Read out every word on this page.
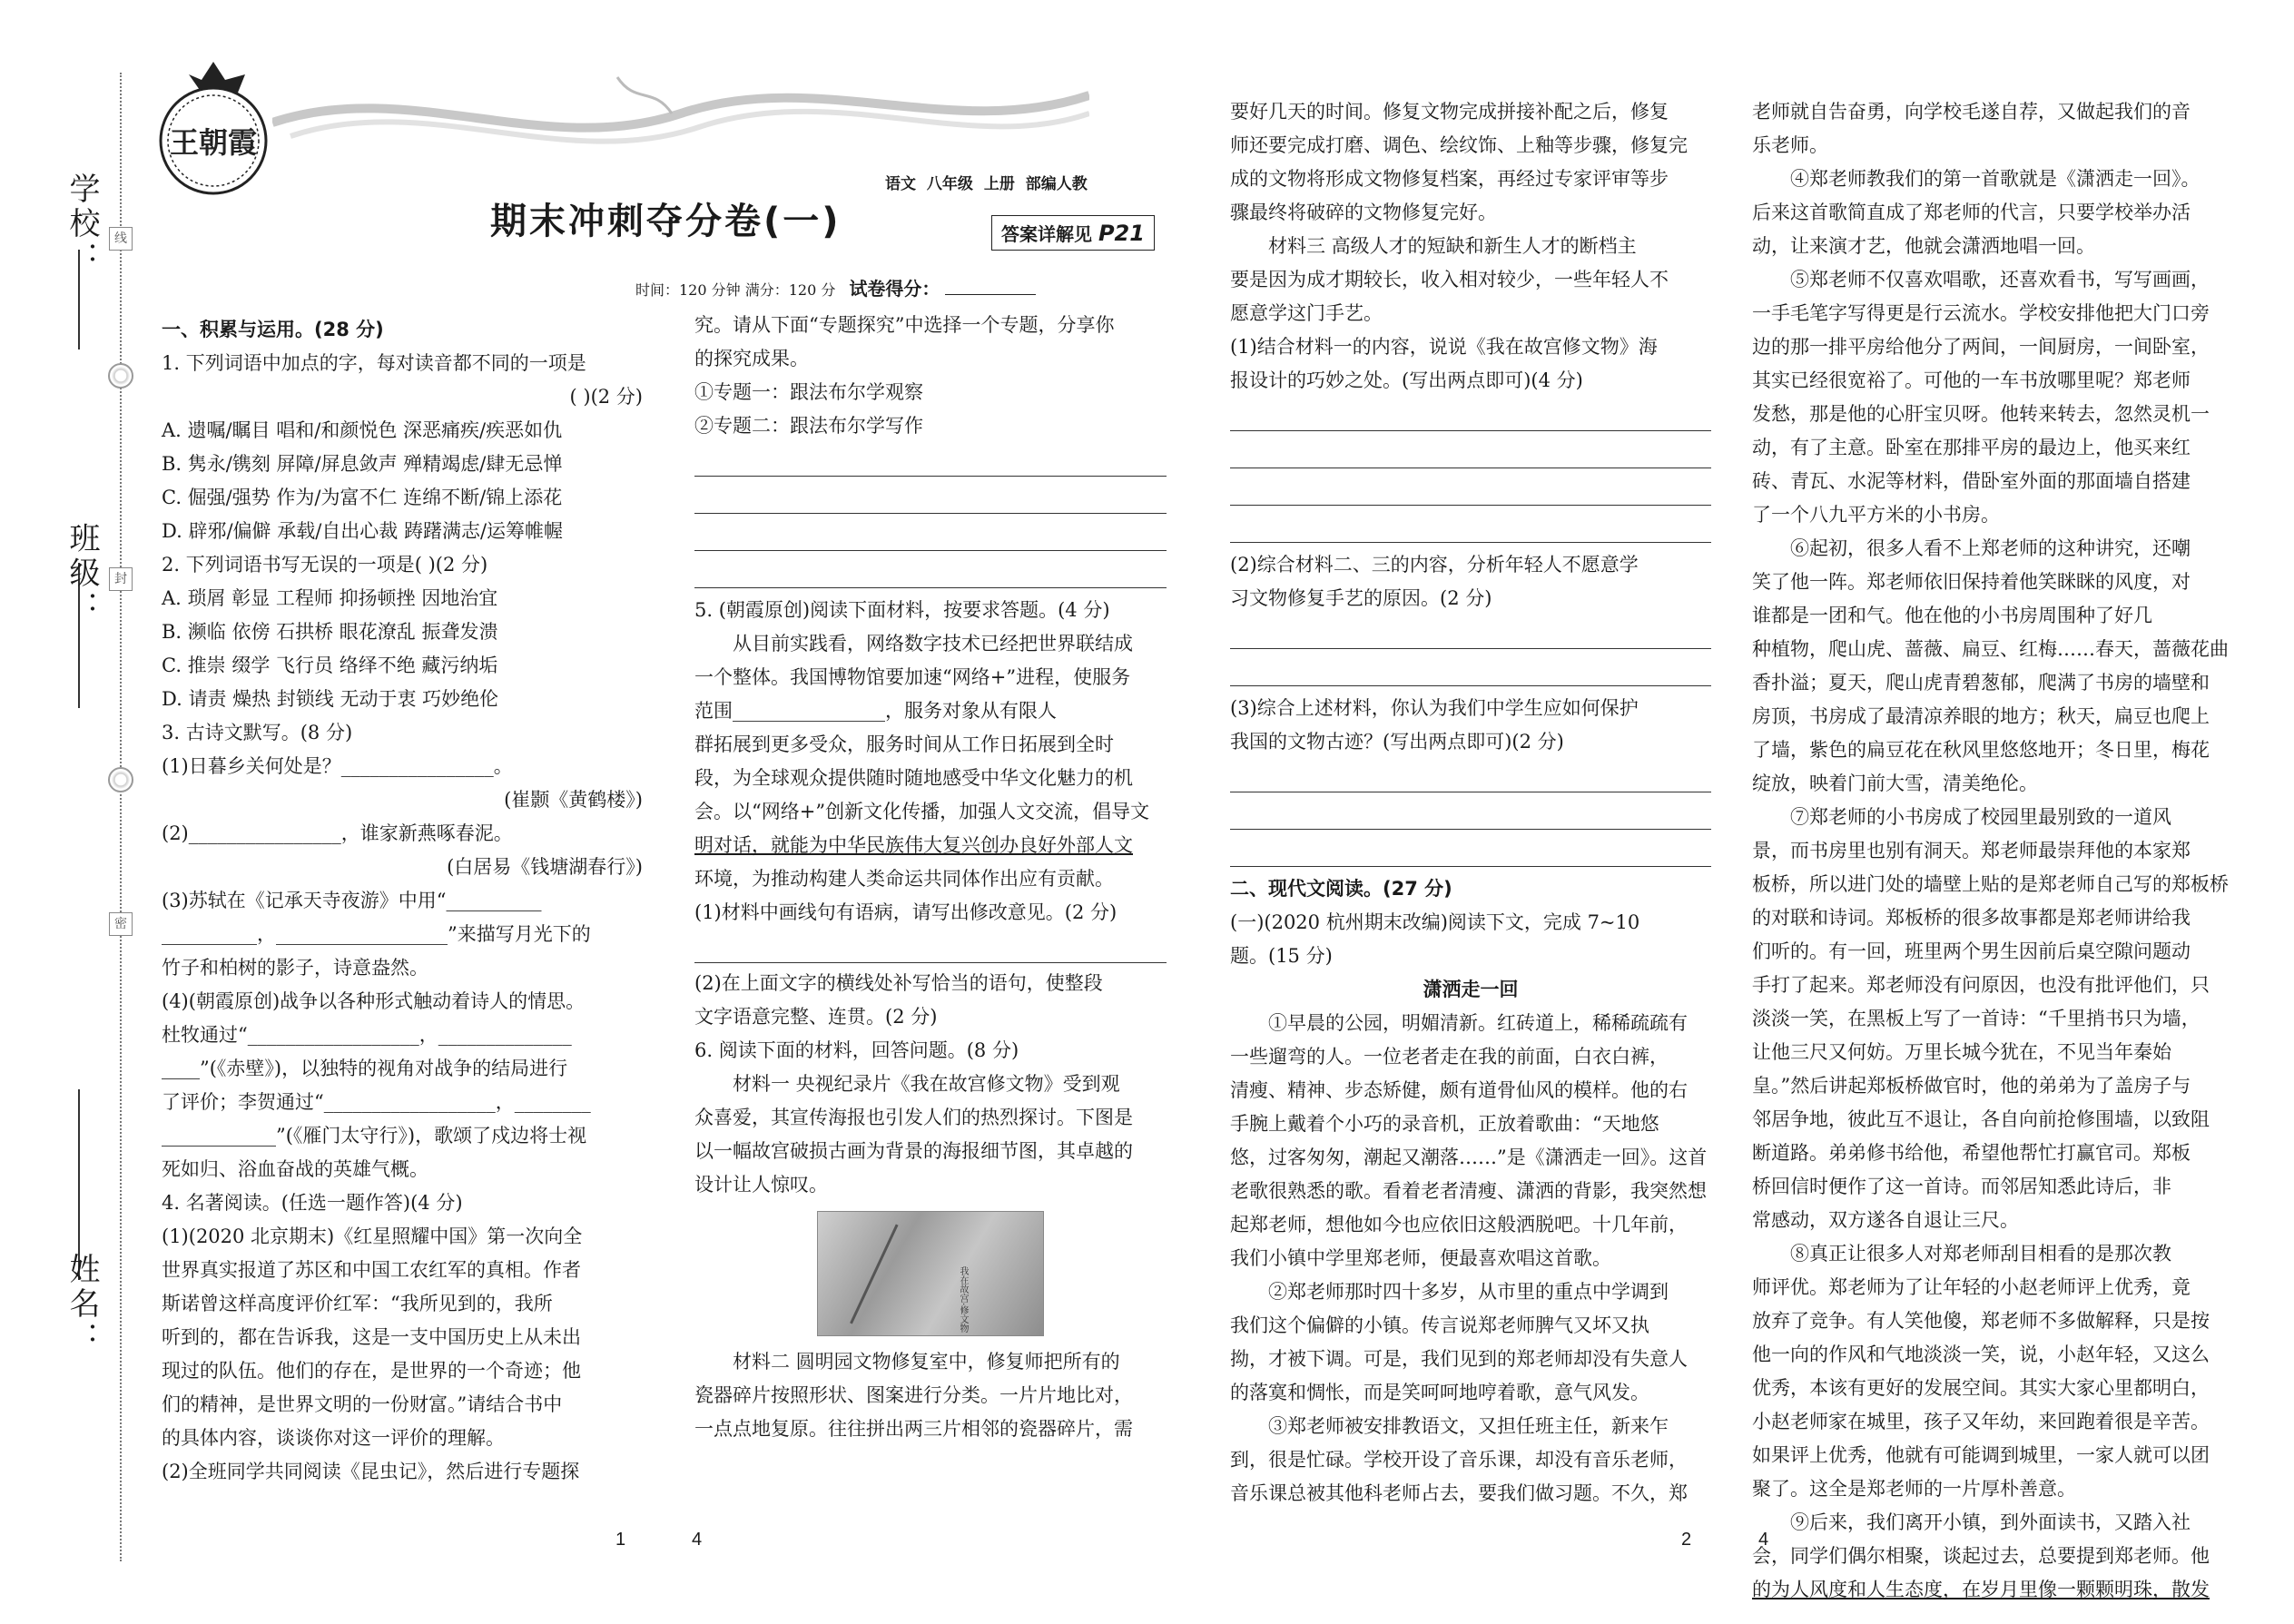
学校：	线
班级：	封
姓名：
密
王朝霞
期末冲刺夺分卷(一)
语文 八年级 上册 部编人教
答案详解见 P21
时间：120 分钟 满分：120 分 试卷得分：

一、积累与运用。(28 分)

1. 下列词语中加点的字，每对读音都不同的一项是

( )(2 分)

A. 遗嘱/瞩目 唱和/和颜悦色 深恶痛疾/疾恶如仇

B. 隽永/镌刻 屏障/屏息敛声 殚精竭虑/肆无忌惮

C. 倔强/强势 作为/为富不仁 连绵不断/锦上添花

D. 辟邪/偏僻 承载/自出心裁 踌躇满志/运筹帷幄

2. 下列词语书写无误的一项是( )(2 分)

A. 琐屑 彰显 工程师 抑扬顿挫 因地治宜

B. 濒临 依傍 石拱桥 眼花潦乱 振聋发溃

C. 推崇 缀学 飞行员 络绎不绝 藏污纳垢

D. 请责 燥热 封锁线 无动于衷 巧妙绝伦

3. 古诗文默写。(8 分)

(1)日暮乡关何处是？________________。

(崔颢《黄鹤楼》)

(2)________________，谁家新燕啄春泥。

(白居易《钱塘湖春行》)

(3)苏轼在《记承天寺夜游》中用“__________

__________，__________________”来描写月光下的

竹子和柏树的影子，诗意盎然。

(4)(朝霞原创)战争以各种形式触动着诗人的情思。

杜牧通过“__________________，______________

____”(《赤壁》)，以独特的视角对战争的结局进行

了评价；李贺通过“__________________，________

____________”(《雁门太守行》)，歌颂了戍边将士视

死如归、浴血奋战的英雄气概。

4. 名著阅读。(任选一题作答)(4 分)

(1)(2020 北京期末)《红星照耀中国》第一次向全

世界真实报道了苏区和中国工农红军的真相。作者

斯诺曾这样高度评价红军：“我所见到的，我所

听到的，都在告诉我，这是一支中国历史上从未出

现过的队伍。他们的存在，是世界的一个奇迹；他

们的精神，是世界文明的一份财富。”请结合书中

的具体内容，谈谈你对这一评价的理解。

(2)全班同学共同阅读《昆虫记》，然后进行专题探

究。请从下面“专题探究”中选择一个专题，分享你

的探究成果。

①专题一：跟法布尔学观察

②专题二：跟法布尔学写作

5. (朝霞原创)阅读下面材料，按要求答题。(4 分)

从目前实践看，网络数字技术已经把世界联结成

一个整体。我国博物馆要加速“网络+”进程，使服务

范围________________，服务对象从有限人

群拓展到更多受众，服务时间从工作日拓展到全时

段，为全球观众提供随时随地感受中华文化魅力的机

会。以“网络+”创新文化传播，加强人文交流，倡导文

明对话，就能为中华民族伟大复兴创办良好外部人文

环境，为推动构建人类命运共同体作出应有贡献。

(1)材料中画线句有语病，请写出修改意见。(2 分)

(2)在上面文字的横线处补写恰当的语句，使整段

文字语意完整、连贯。(2 分)

6. 阅读下面的材料，回答问题。(8 分)

材料一 央视纪录片《我在故宫修文物》受到观

众喜爱，其宣传海报也引发人们的热烈探讨。下图是

以一幅故宫破损古画为背景的海报细节图，其卓越的

设计让人惊叹。

我在故宫·修文物

材料二 圆明园文物修复室中，修复师把所有的

瓷器碎片按照形状、图案进行分类。一片片地比对，

一点点地复原。往往拼出两三片相邻的瓷器碎片，需

要好几天的时间。修复文物完成拼接补配之后，修复

师还要完成打磨、调色、绘纹饰、上釉等步骤，修复完

成的文物将形成文物修复档案，再经过专家评审等步

骤最终将破碎的文物修复完好。

材料三 高级人才的短缺和新生人才的断档主

要是因为成才期较长，收入相对较少，一些年轻人不

愿意学这门手艺。

(1)结合材料一的内容，说说《我在故宫修文物》海

报设计的巧妙之处。(写出两点即可)(4 分)

(2)综合材料二、三的内容，分析年轻人不愿意学

习文物修复手艺的原因。(2 分)

(3)综合上述材料，你认为我们中学生应如何保护

我国的文物古迹？(写出两点即可)(2 分)

二、现代文阅读。(27 分)

(一)(2020 杭州期末改编)阅读下文，完成 7~10

题。(15 分)

潇洒走一回

①早晨的公园，明媚清新。红砖道上，稀稀疏疏有

一些遛弯的人。一位老者走在我的前面，白衣白裤，

清瘦、精神、步态矫健，颇有道骨仙风的模样。他的右

手腕上戴着个小巧的录音机，正放着歌曲：“天地悠

悠，过客匆匆，潮起又潮落……”是《潇洒走一回》。这首

老歌很熟悉的歌。看着老者清瘦、潇洒的背影，我突然想

起郑老师，想他如今也应依旧这般洒脱吧。十几年前，

我们小镇中学里郑老师，便最喜欢唱这首歌。

②郑老师那时四十多岁，从市里的重点中学调到

我们这个偏僻的小镇。传言说郑老师脾气又坏又执

拗，才被下调。可是，我们见到的郑老师却没有失意人

的落寞和惆怅，而是笑呵呵地哼着歌，意气风发。

③郑老师被安排教语文，又担任班主任，新来乍

到，很是忙碌。学校开设了音乐课，却没有音乐老师，

音乐课总被其他科老师占去，要我们做习题。不久，郑

老师就自告奋勇，向学校毛遂自荐，又做起我们的音

乐老师。

④郑老师教我们的第一首歌就是《潇洒走一回》。

后来这首歌简直成了郑老师的代言，只要学校举办活

动，让来演才艺，他就会潇洒地唱一回。

⑤郑老师不仅喜欢唱歌，还喜欢看书，写写画画，

一手毛笔字写得更是行云流水。学校安排他把大门口旁

边的那一排平房给他分了两间，一间厨房，一间卧室，

其实已经很宽裕了。可他的一车书放哪里呢？郑老师

发愁，那是他的心肝宝贝呀。他转来转去，忽然灵机一

动，有了主意。卧室在那排平房的最边上，他买来红

砖、青瓦、水泥等材料，借卧室外面的那面墙自搭建

了一个八九平方米的小书房。

⑥起初，很多人看不上郑老师的这种讲究，还嘲

笑了他一阵。郑老师依旧保持着他笑眯眯的风度，对

谁都是一团和气。他在他的小书房周围种了好几

种植物，爬山虎、蔷薇、扁豆、红梅……春天，蔷薇花曲

香扑溢；夏天，爬山虎青碧葱郁，爬满了书房的墙壁和

房顶，书房成了最清凉养眼的地方；秋天，扁豆也爬上

了墙，紫色的扁豆花在秋风里悠悠地开；冬日里，梅花

绽放，映着门前大雪，清美绝伦。

⑦郑老师的小书房成了校园里最别致的一道风

景，而书房里也别有洞天。郑老师最崇拜他的本家郑

板桥，所以进门处的墙壁上贴的是郑老师自己写的郑板桥

的对联和诗词。郑板桥的很多故事都是郑老师讲给我

们听的。有一回，班里两个男生因前后桌空隙问题动

手打了起来。郑老师没有问原因，也没有批评他们，只

淡淡一笑，在黑板上写了一首诗：“千里捎书只为墙，

让他三尺又何妨。万里长城今犹在，不见当年秦始

皇。”然后讲起郑板桥做官时，他的弟弟为了盖房子与

邻居争地，彼此互不退让，各自向前抢修围墙，以致阻

断道路。弟弟修书给他，希望他帮忙打赢官司。郑板

桥回信时便作了这一首诗。而邻居知悉此诗后，非

常感动，双方遂各自退让三尺。

⑧真正让很多人对郑老师刮目相看的是那次教

师评优。郑老师为了让年轻的小赵老师评上优秀，竟

放弃了竞争。有人笑他傻，郑老师不多做解释，只是按

他一向的作风和气地淡淡一笑，说，小赵年轻，又这么

优秀，本该有更好的发展空间。其实大家心里都明白，

小赵老师家在城里，孩子又年幼，来回跑着很是辛苦。

如果评上优秀，他就有可能调到城里，一家人就可以团

聚了。这全是郑老师的一片厚朴善意。

⑨后来，我们离开小镇，到外面读书，又踏入社

会，同学们偶尔相聚，谈起过去，总要提到郑老师。他

的为人风度和人生态度，在岁月里像一颗颗明珠，散发

1	4	2	4
